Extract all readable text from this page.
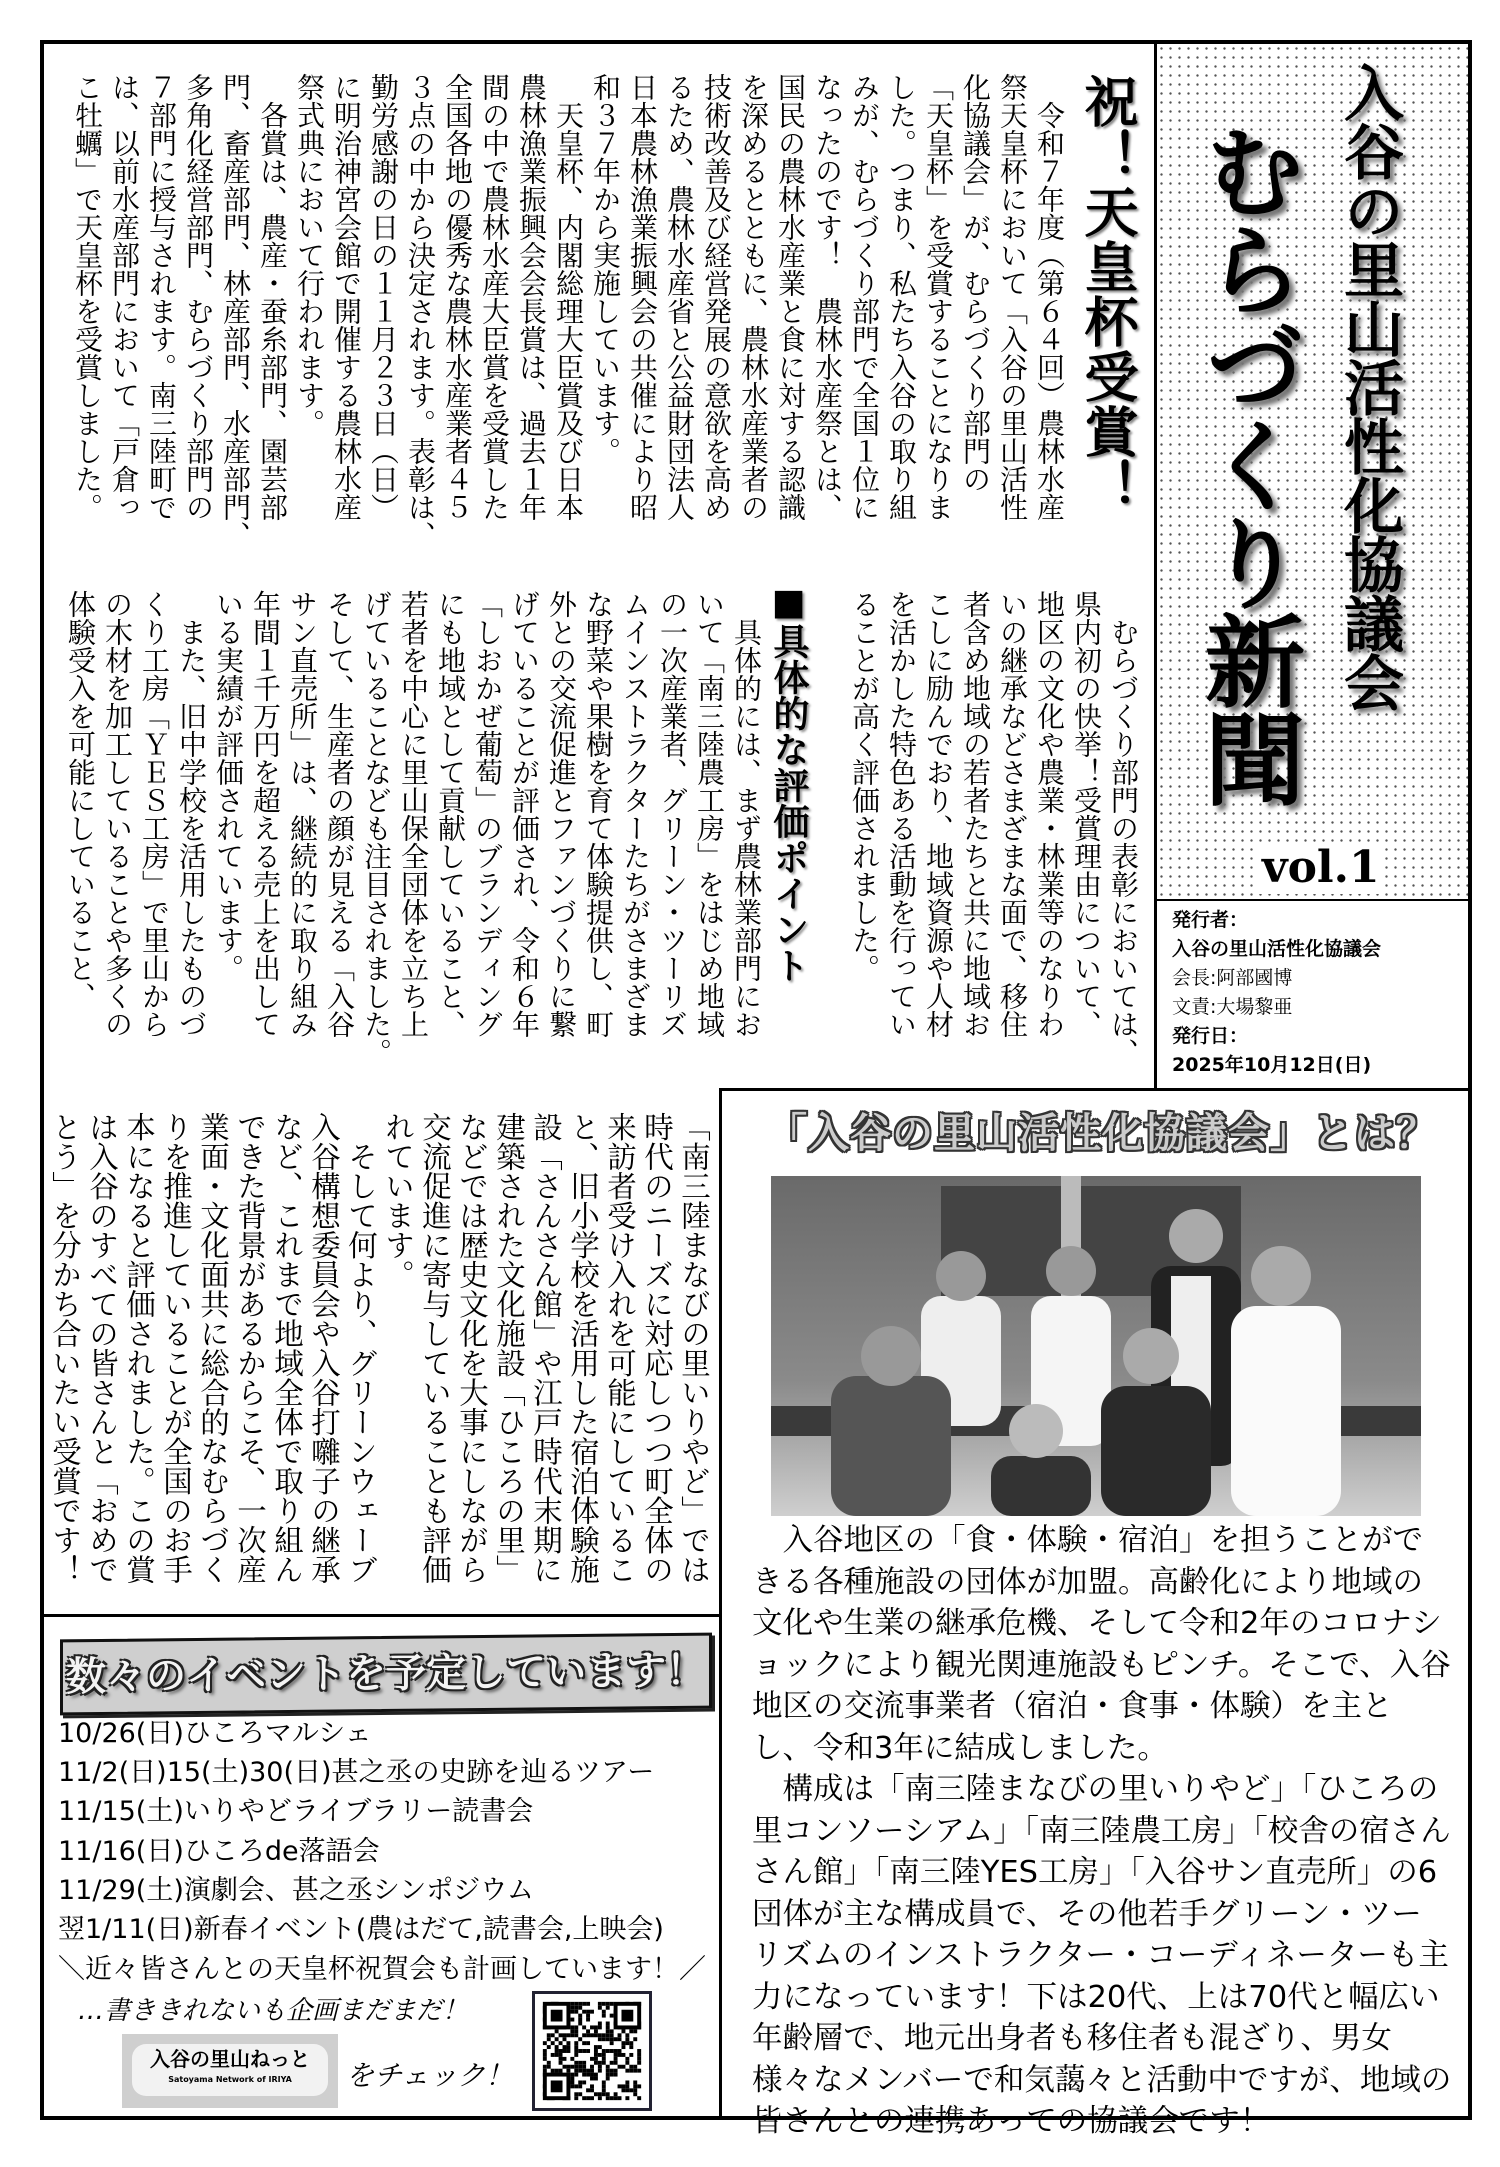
入谷の里山活性化協議会
むらづくり新聞
vol.1
発行者：
入谷の里山活性化協議会
会長:阿部國博
文責:大場黎亜
発行日：
2025年10月12日(日)
祝！天皇杯受賞！
　令和７年度（第６４回）農林水産
祭天皇杯において「入谷の里山活性
化協議会」が、むらづくり部門の
「天皇杯」を受賞することになりま
した。つまり、私たち入谷の取り組
みが、むらづくり部門で全国１位に
なったのです！　農林水産祭とは、
国民の農林水産業と食に対する認識
を深めるとともに、農林水産業者の
技術改善及び経営発展の意欲を高め
るため、農林水産省と公益財団法人
日本農林漁業振興会の共催により昭
和３７年から実施しています。
　天皇杯、内閣総理大臣賞及び日本
農林漁業振興会会長賞は、過去１年
間の中で農林水産大臣賞を受賞した
全国各地の優秀な農林水産業者４５
３点の中から決定されます。表彰は、
勤労感謝の日の１１月２３日（日）
に明治神宮会館で開催する農林水産
祭式典において行われます。
　各賞は、農産・蚕糸部門、園芸部
門、畜産部門、林産部門、水産部門、
多角化経営部門、むらづくり部門の
７部門に授与されます。南三陸町で
は、以前水産部門において「戸倉っ
こ牡蠣」で天皇杯を受賞しました。
　むらづくり部門の表彰においては、
県内初の快挙！受賞理由について、
地区の文化や農業・林業等のなりわ
いの継承などさまざまな面で、移住
者含め地域の若者たちと共に地域お
こしに励んでおり、地域資源や人材
を活かした特色ある活動を行ってい
ることが高く評価されました。
■具体的な評価ポイント
　具体的には、まず農林業部門にお
いて「南三陸農工房」をはじめ地域
の一次産業者、グリーン・ツーリズ
ムインストラクターたちがさまざま
な野菜や果樹を育て体験提供し、町
外との交流促進とファンづくりに繋
げていることが評価され、令和６年
「しおかぜ葡萄」のブランディング
にも地域として貢献していること、
若者を中心に里山保全団体を立ち上
げていることなども注目されました。
そして、生産者の顔が見える「入谷
サン直売所」は、継続的に取り組み
年間１千万円を超える売上を出して
いる実績が評価されています。
　また、旧中学校を活用したものづ
くり工房「ＹＥＳ工房」で里山から
の木材を加工していることや多くの
体験受入を可能にしていること、
「南三陸まなびの里いりやど」では
時代のニーズに対応しつつ町全体の
来訪者受け入れを可能にしているこ
と、旧小学校を活用した宿泊体験施
設「さんさん館」や江戸時代末期に
建築された文化施設「ひころの里」
などでは歴史文化を大事にしながら
交流促進に寄与していることも評価
れています。
　そして何より、グリーンウェーブ
入谷構想委員会や入谷打囃子の継承
など、これまで地域全体で取り組ん
できた背景があるからこそ、一次産
業面・文化面共に総合的なむらづく
りを推進していることが全国のお手
本になると評価されました。この賞
は入谷のすべての皆さんと「おめで
とう」を分かち合いたい受賞です！	「入谷の里山活性化協議会」とは？

入谷地区の「食・体験・宿泊」を担うことができる各種施設の団体が加盟。高齢化により地域の文化や生業の継承危機、そして令和2年のコロナショックにより観光関連施設もピンチ。そこで、入谷地区の交流事業者（宿泊・食事・体験）を主とし、令和3年に結成しました。

構成は「南三陸まなびの里いりやど」「ひころの里コンソーシアム」「南三陸農工房」「校舎の宿さんさん館」「南三陸YES工房」「入谷サン直売所」の6団体が主な構成員で、その他若手グリーン・ツーリズムのインストラクター・コーディネーターも主力になっています！下は20代、上は70代と幅広い年齢層で、地元出身者も移住者も混ざり、男女様々なメンバーで和気藹々と活動中ですが、地域の皆さんとの連携あっての協議会です！

数々のイベントを予定しています！
10/26(日)ひころマルシェ
11/2(日)15(土)30(日)甚之丞の史跡を辿るツアー
11/15(土)いりやどライブラリー読書会
11/16(日)ひころde落語会
11/29(土)演劇会、甚之丞シンポジウム
翌1/11(日)新春イベント(農はだて,読書会,上映会)
＼近々皆さんとの天皇杯祝賀会も計画しています！／
…書ききれないも企画まだまだ！
入谷の里山ねっと
Satoyama Network of IRIYA	をチェック！
